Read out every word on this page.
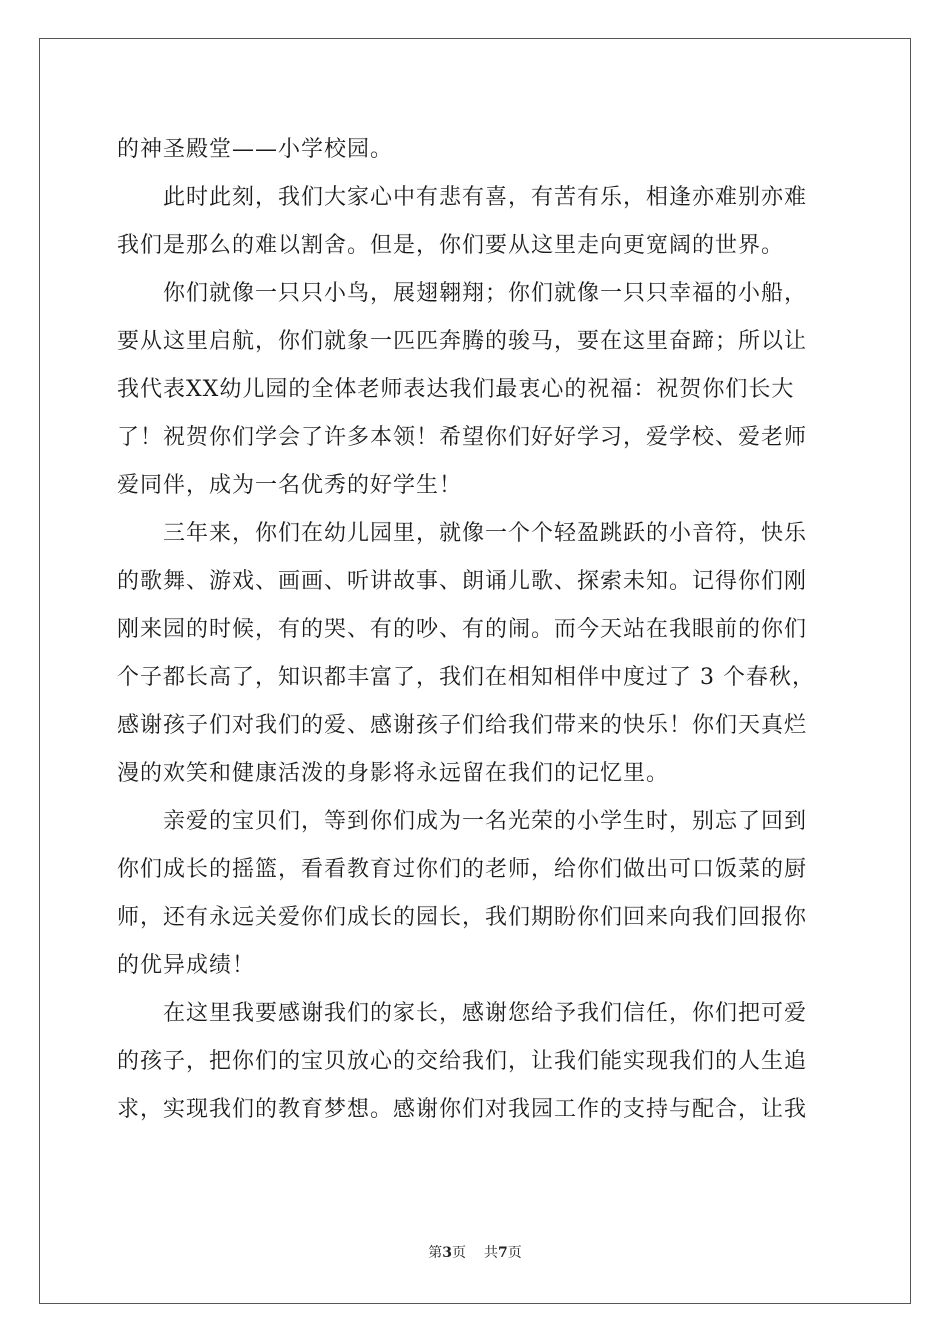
的神圣殿堂——小学校园。
此时此刻，我们大家心中有悲有喜，有苦有乐，相逢亦难别亦难
我们是那么的难以割舍。但是，你们要从这里走向更宽阔的世界。
你们就像一只只小鸟，展翅翱翔；你们就像一只只幸福的小船，
要从这里启航，你们就象一匹匹奔腾的骏马，要在这里奋蹄；所以让
我代表XX幼儿园的全体老师表达我们最衷心的祝福：祝贺你们长大
了！祝贺你们学会了许多本领！希望你们好好学习，爱学校、爱老师
爱同伴，成为一名优秀的好学生！
三年来，你们在幼儿园里，就像一个个轻盈跳跃的小音符，快乐
的歌舞、游戏、画画、听讲故事、朗诵儿歌、探索未知。记得你们刚
刚来园的时候，有的哭、有的吵、有的闹。而今天站在我眼前的你们
个子都长高了，知识都丰富了，我们在相知相伴中度过了 3 个春秋，
感谢孩子们对我们的爱、感谢孩子们给我们带来的快乐！你们天真烂
漫的欢笑和健康活泼的身影将永远留在我们的记忆里。
亲爱的宝贝们，等到你们成为一名光荣的小学生时，别忘了回到
你们成长的摇篮，看看教育过你们的老师，给你们做出可口饭菜的厨
师，还有永远关爱你们成长的园长，我们期盼你们回来向我们回报你
的优异成绩！
在这里我要感谢我们的家长，感谢您给予我们信任，你们把可爱
的孩子，把你们的宝贝放心的交给我们，让我们能实现我们的人生追
求，实现我们的教育梦想。感谢你们对我园工作的支持与配合，让我
第3页 共7页
